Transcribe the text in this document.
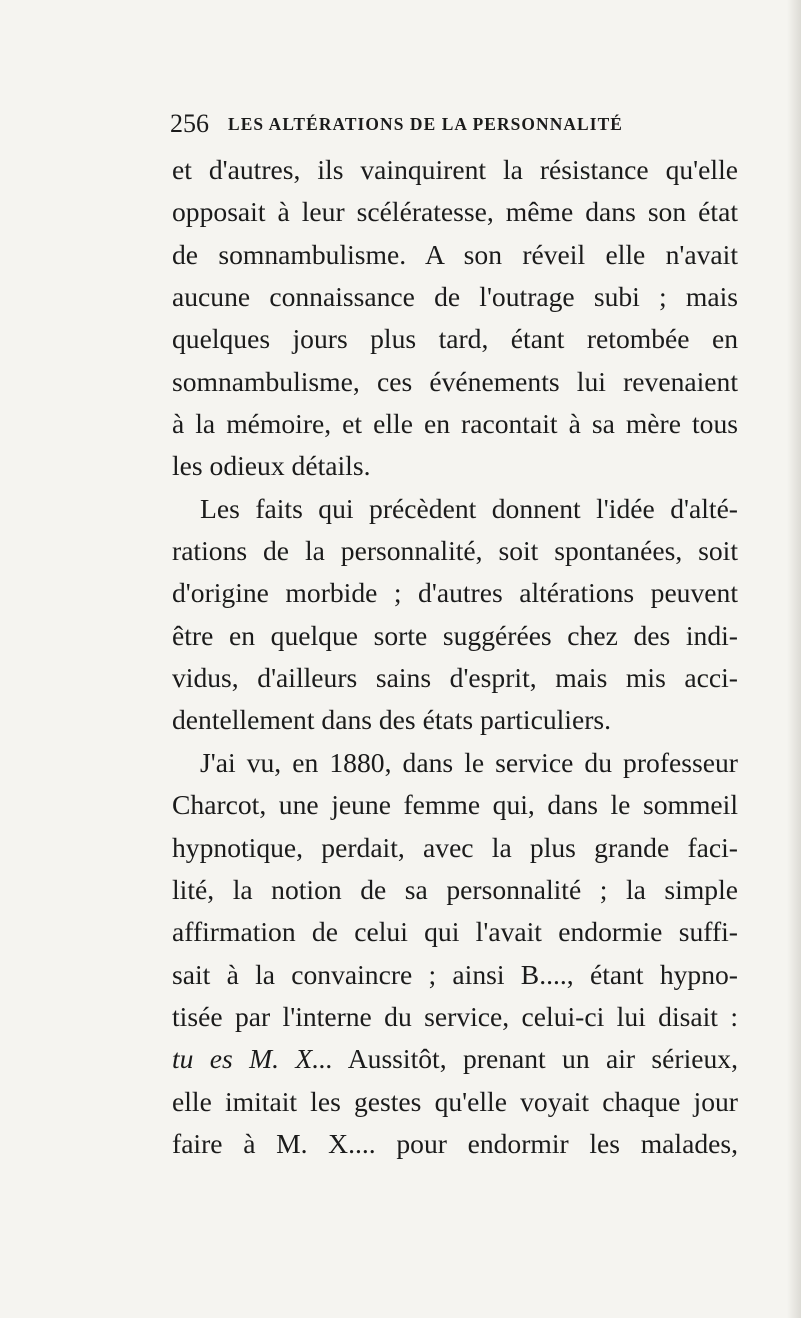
256 LES ALTÉRATIONS DE LA PERSONNALITÉ
et d'autres, ils vainquirent la résistance qu'elle
opposait à leur scélératesse, même dans son état
de somnambulisme. A son réveil elle n'avait
aucune connaissance de l'outrage subi ; mais
quelques jours plus tard, étant retombée en
somnambulisme, ces événements lui revenaient
à la mémoire, et elle en racontait à sa mère tous
les odieux détails.
Les faits qui précèdent donnent l'idée d'alté-
rations de la personnalité, soit spontanées, soit
d'origine morbide ; d'autres altérations peuvent
être en quelque sorte suggérées chez des indi-
vidus, d'ailleurs sains d'esprit, mais mis acci-
dentellement dans des états particuliers.
J'ai vu, en 1880, dans le service du professeur
Charcot, une jeune femme qui, dans le sommeil
hypnotique, perdait, avec la plus grande faci-
lité, la notion de sa personnalité ; la simple
affirmation de celui qui l'avait endormie suffi-
sait à la convaincre ; ainsi B...., étant hypno-
tisée par l'interne du service, celui-ci lui disait :
tu es M. X... Aussitôt, prenant un air sérieux,
elle imitait les gestes qu'elle voyait chaque jour
faire à M. X.... pour endormir les malades,
